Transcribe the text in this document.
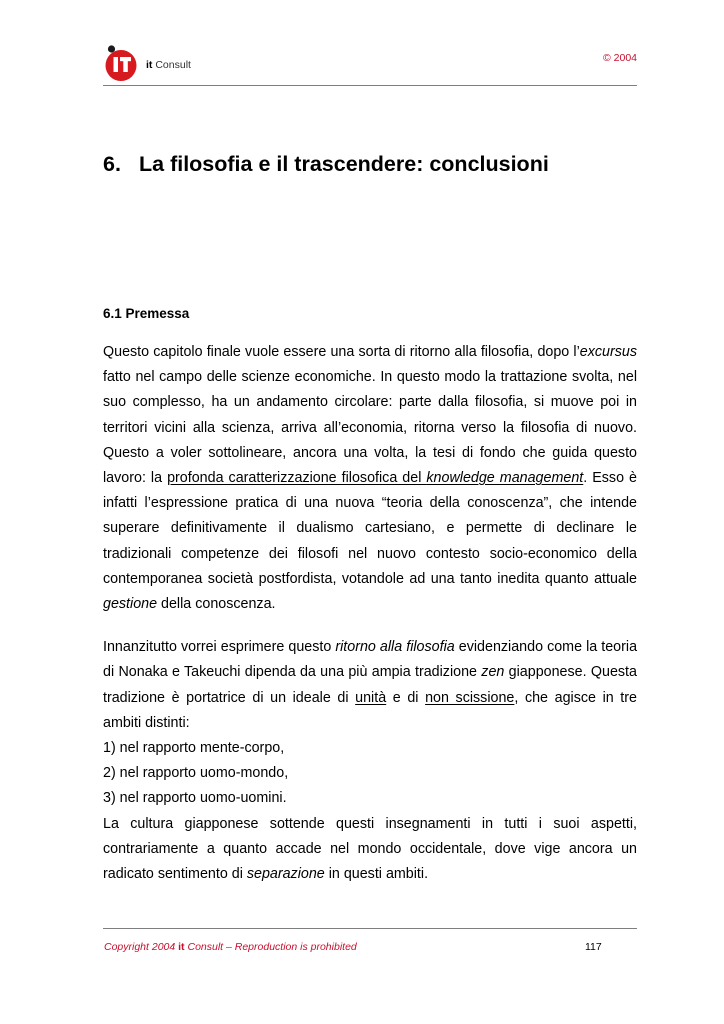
it Consult
© 2004
6. La filosofia e il trascendere: conclusioni
6.1 Premessa

Questo capitolo finale vuole essere una sorta di ritorno alla filosofia, dopo l’excursus fatto nel campo delle scienze economiche. In questo modo la trattazione svolta, nel suo complesso, ha un andamento circolare: parte dalla filosofia, si muove poi in territori vicini alla scienza, arriva all’economia, ritorna verso la filosofia di nuovo. Questo a voler sottolineare, ancora una volta, la tesi di fondo che guida questo lavoro: la profonda caratterizzazione filosofica del knowledge management. Esso è infatti l’espressione pratica di una nuova “teoria della conoscenza”, che intende superare definitivamente il dualismo cartesiano, e permette di declinare le tradizionali competenze dei filosofi nel nuovo contesto socio-economico della contemporanea società postfordista, votandole ad una tanto inedita quanto attuale gestione della conoscenza.

Innanzitutto vorrei esprimere questo ritorno alla filosofia evidenziando come la teoria di Nonaka e Takeuchi dipenda da una più ampia tradizione zen giapponese. Questa tradizione è portatrice di un ideale di unità e di non scissione, che agisce in tre ambiti distinti:

1) nel rapporto mente-corpo,
2) nel rapporto uomo-mondo,
3) nel rapporto uomo-uomini.

La cultura giapponese sottende questi insegnamenti in tutti i suoi aspetti, contrariamente a quanto accade nel mondo occidentale, dove vige ancora un radicato sentimento di separazione in questi ambiti.

Copyright 2004 it Consult – Reproduction is prohibited	117
